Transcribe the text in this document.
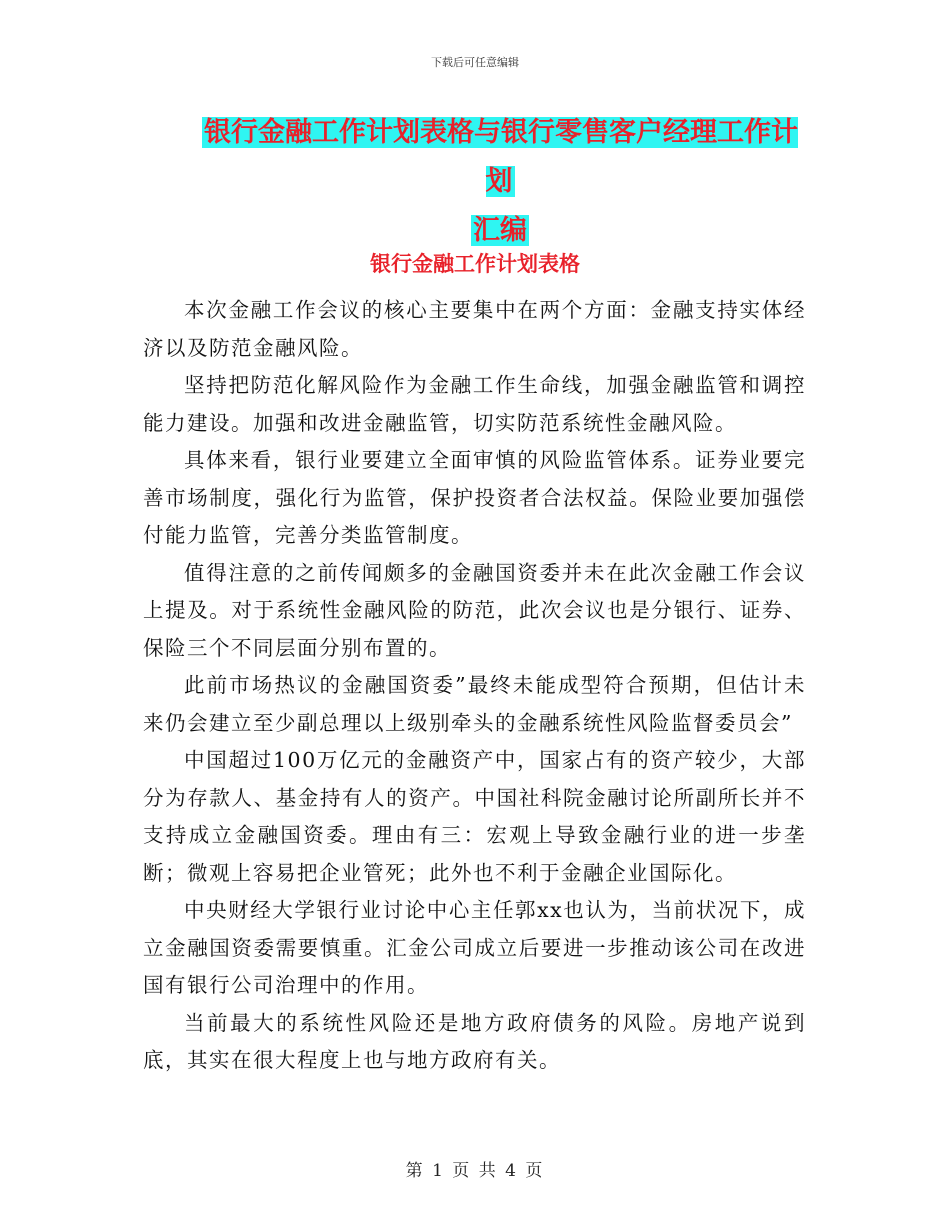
下载后可任意编辑
银行金融工作计划表格与银行零售客户经理工作计划
汇编
银行金融工作计划表格

本次金融工作会议的核心主要集中在两个方面：金融支持实体经济以及防范金融风险。

坚持把防范化解风险作为金融工作生命线，加强金融监管和调控能力建设。加强和改进金融监管，切实防范系统性金融风险。

具体来看，银行业要建立全面审慎的风险监管体系。证券业要完善市场制度，强化行为监管，保护投资者合法权益。保险业要加强偿付能力监管，完善分类监管制度。

值得注意的之前传闻颇多的金融国资委并未在此次金融工作会议上提及。对于系统性金融风险的防范，此次会议也是分银行、证券、保险三个不同层面分别布置的。

此前市场热议的金融国资委”最终未能成型符合预期，但估计未来仍会建立至少副总理以上级别牵头的金融系统性风险监督委员会”

中国超过100万亿元的金融资产中，国家占有的资产较少，大部分为存款人、基金持有人的资产。中国社科院金融讨论所副所长并不支持成立金融国资委。理由有三：宏观上导致金融行业的进一步垄断；微观上容易把企业管死；此外也不利于金融企业国际化。

中央财经大学银行业讨论中心主任郭xx也认为，当前状况下，成立金融国资委需要慎重。汇金公司成立后要进一步推动该公司在改进国有银行公司治理中的作用。

当前最大的系统性风险还是地方政府债务的风险。房地产说到底，其实在很大程度上也与地方政府有关。

第 1 页 共 4 页
